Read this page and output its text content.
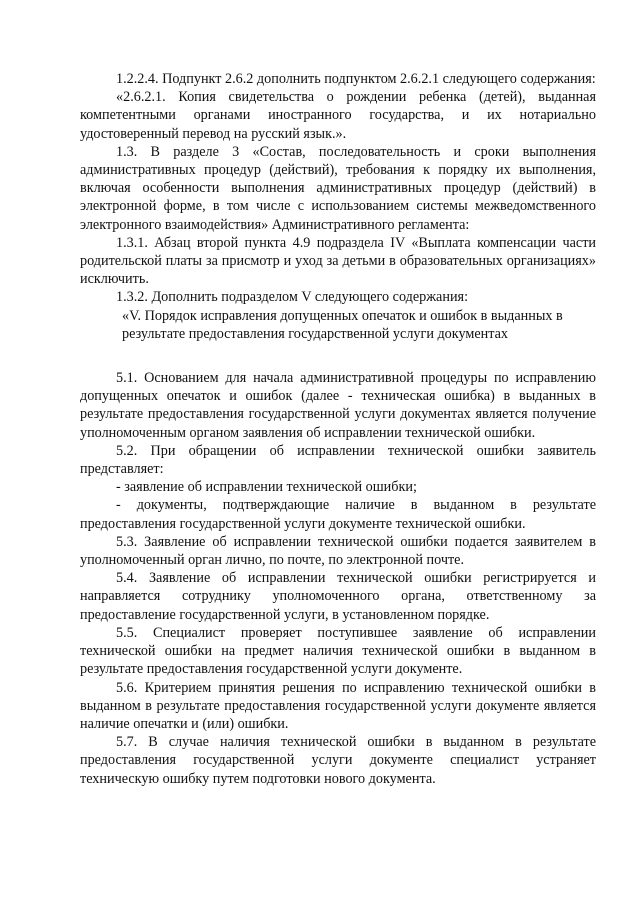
1.2.2.4. Подпункт 2.6.2 дополнить подпунктом 2.6.2.1 следующего содержания:

«2.6.2.1. Копия свидетельства о рождении ребенка (детей), выданная компетентными органами иностранного государства, и их нотариально удостоверенный перевод на русский язык.».

1.3. В разделе 3 «Состав, последовательность и сроки выполнения административных процедур (действий), требования к порядку их выполнения, включая особенности выполнения административных процедур (действий) в электронной форме, в том числе с использованием системы межведомственного электронного взаимодействия» Административного регламента:

1.3.1. Абзац второй пункта 4.9 подраздела IV «Выплата компенсации части родительской платы за присмотр и уход за детьми в образовательных организациях» исключить.

1.3.2. Дополнить подразделом V следующего содержания:

«V. Порядок исправления допущенных опечаток и ошибок в выданных в результате предоставления государственной услуги документах

5.1. Основанием для начала административной процедуры по исправлению допущенных опечаток и ошибок (далее - техническая ошибка) в выданных в результате предоставления государственной услуги документах является получение уполномоченным органом заявления об исправлении технической ошибки.

5.2. При обращении об исправлении технической ошибки заявитель представляет:

- заявление об исправлении технической ошибки;

- документы, подтверждающие наличие в выданном в результате предоставления государственной услуги документе технической ошибки.

5.3. Заявление об исправлении технической ошибки подается заявителем в уполномоченный орган лично, по почте, по электронной почте.

5.4. Заявление об исправлении технической ошибки регистрируется и направляется сотруднику уполномоченного органа, ответственному за предоставление государственной услуги, в установленном порядке.

5.5. Специалист проверяет поступившее заявление об исправлении технической ошибки на предмет наличия технической ошибки в выданном в результате предоставления государственной услуги документе.

5.6. Критерием принятия решения по исправлению технической ошибки в выданном в результате предоставления государственной услуги документе является наличие опечатки и (или) ошибки.

5.7. В случае наличия технической ошибки в выданном в результате предоставления государственной услуги документе специалист устраняет техническую ошибку путем подготовки нового документа.
